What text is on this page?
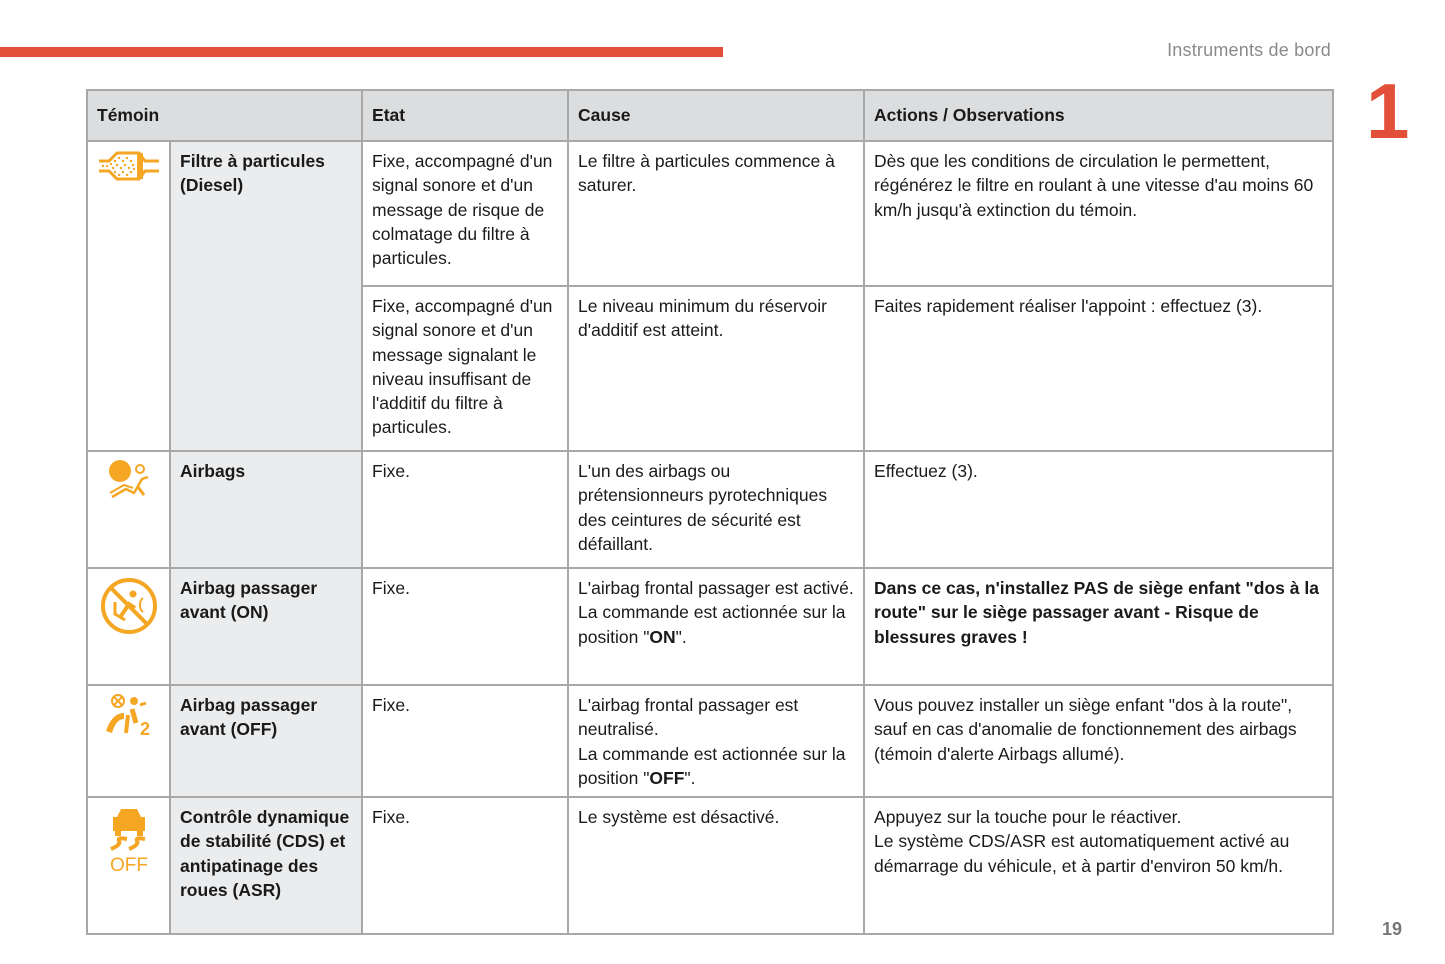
Instruments de bord
1
Témoin		Etat	Cause	Actions / Observations

	Filtre à particules (Diesel)	Fixe, accompagné d'un signal sonore et d'un message de risque de colmatage du filtre à particules.	Le filtre à particules commence à saturer.	Dès que les conditions de circulation le permettent, régénérez le filtre en roulant à une vitesse d'au moins 60 km/h jusqu'à extinction du témoin.
		Fixe, accompagné d'un signal sonore et d'un message signalant le niveau insuffisant de l'additif du filtre à particules.	Le niveau minimum du réservoir d'additif est atteint.	Faites rapidement réaliser l'appoint : effectuez (3).

	Airbags	Fixe.	L'un des airbags ou prétensionneurs pyrotechniques des ceintures de sécurité est défaillant.	Effectuez (3).

	Airbag passager avant (ON)	Fixe.	L'airbag frontal passager est activé.
La commande est actionnée sur la position "ON".	Dans ce cas, n'installez PAS de siège enfant "dos à la route" sur le siège passager avant - Risque de blessures graves !

2	Airbag passager avant (OFF)	Fixe.	L'airbag frontal passager est neutralisé.
La commande est actionnée sur la position "OFF".	Vous pouvez installer un siège enfant "dos à la route", sauf en cas d'anomalie de fonctionnement des airbags (témoin d'alerte Airbags allumé).

OFF	Contrôle dynamique de stabilité (CDS) et antipatinage des roues (ASR)	Fixe.	Le système est désactivé.	Appuyez sur la touche pour le réactiver.
Le système CDS/ASR est automatiquement activé au démarrage du véhicule, et à partir d'environ 50 km/h.
19
